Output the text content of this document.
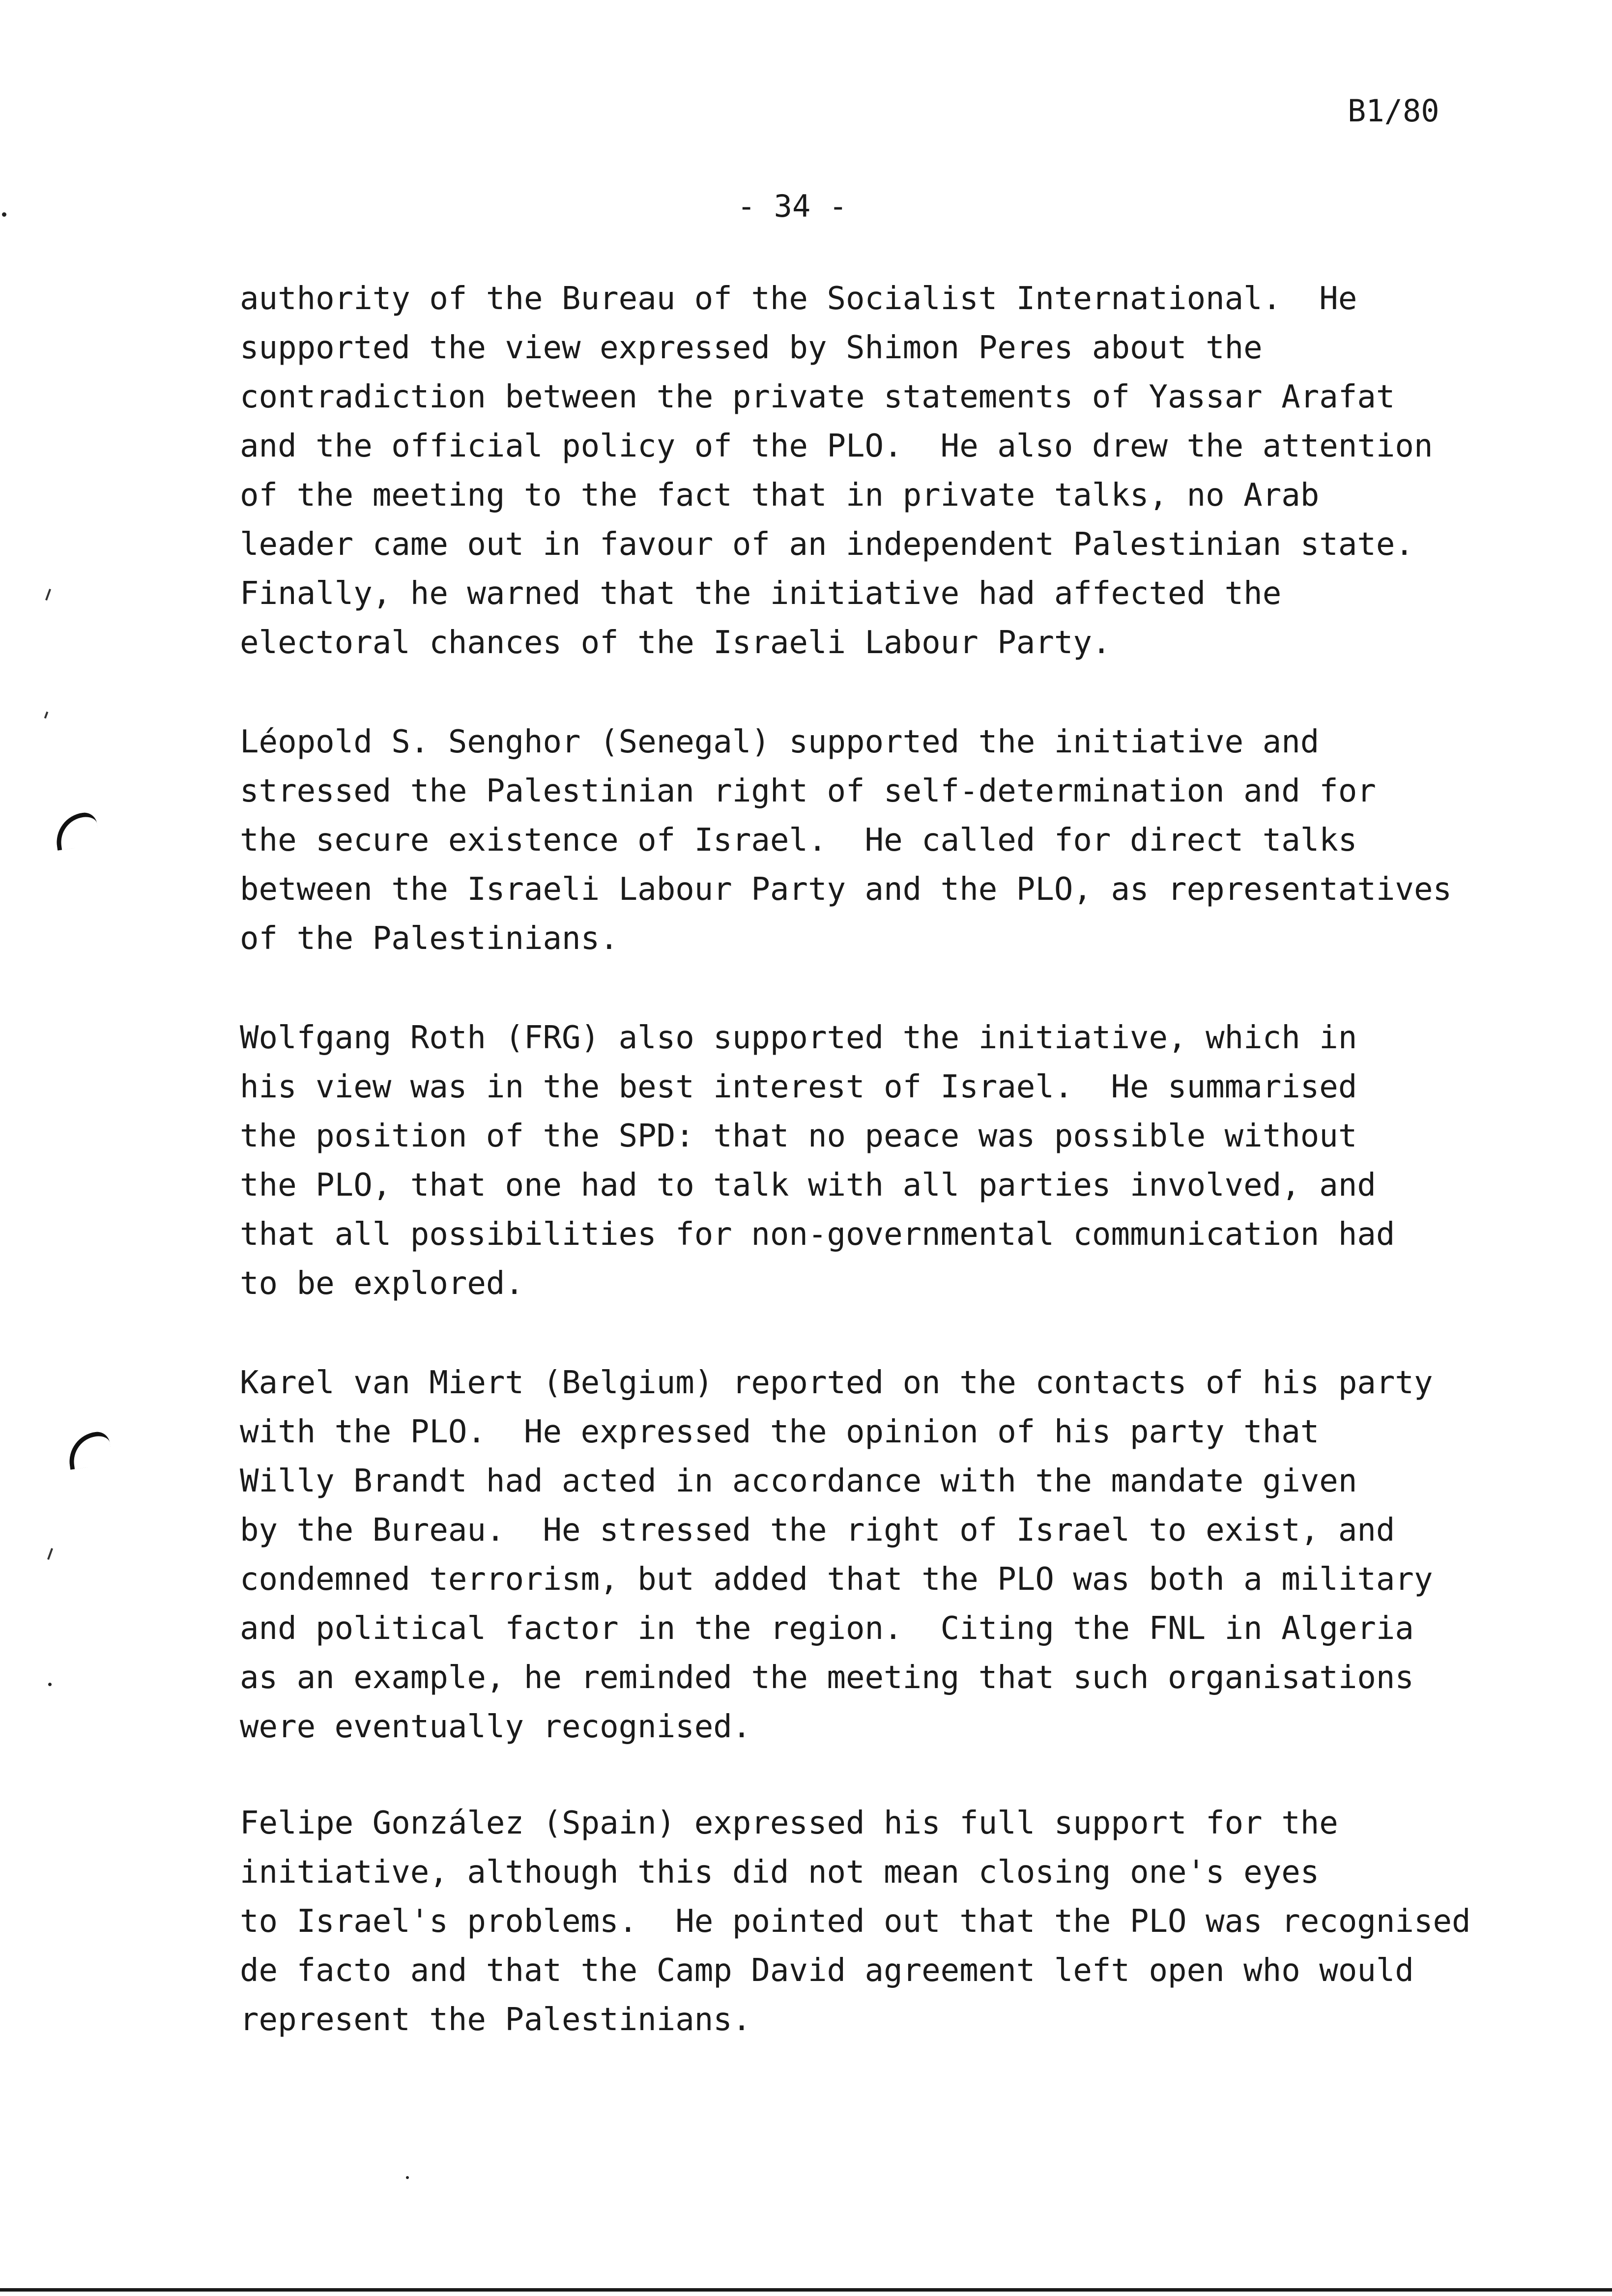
B1/80
- 34 -

authority of the Bureau of the Socialist International.  He
supported the view expressed by Shimon Peres about the
contradiction between the private statements of Yassar Arafat
and the official policy of the PLO.  He also drew the attention
of the meeting to the fact that in private talks, no Arab
leader came out in favour of an independent Palestinian state.
Finally, he warned that the initiative had affected the
electoral chances of the Israeli Labour Party.

Léopold S. Senghor (Senegal) supported the initiative and
stressed the Palestinian right of self-determination and for
the secure existence of Israel.  He called for direct talks
between the Israeli Labour Party and the PLO, as representatives
of the Palestinians.

Wolfgang Roth (FRG) also supported the initiative, which in
his view was in the best interest of Israel.  He summarised
the position of the SPD: that no peace was possible without
the PLO, that one had to talk with all parties involved, and
that all possibilities for non-governmental communication had
to be explored.

Karel van Miert (Belgium) reported on the contacts of his party
with the PLO.  He expressed the opinion of his party that
Willy Brandt had acted in accordance with the mandate given
by the Bureau.  He stressed the right of Israel to exist, and
condemned terrorism, but added that the PLO was both a military
and political factor in the region.  Citing the FNL in Algeria
as an example, he reminded the meeting that such organisations
were eventually recognised.

Felipe González (Spain) expressed his full support for the
initiative, although this did not mean closing one's eyes
to Israel's problems.  He pointed out that the PLO was recognised
de facto and that the Camp David agreement left open who would
represent the Palestinians.
